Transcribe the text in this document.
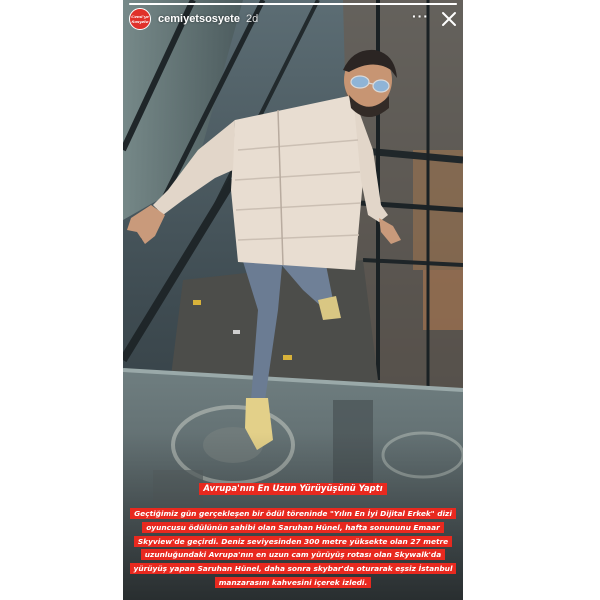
Cemi'ye
Sosyete cemiyetsosyete 2d	···
Avrupa'nın En Uzun Yürüyüşünü Yaptı
Geçtiğimiz gün gerçekleşen bir ödül töreninde "Yılın En İyi Dijital Erkek" dizi oyuncusu ödülünün sahibi olan Saruhan Hünel, hafta sonununu Emaar Skyview'de geçirdi. Deniz seviyesinden 300 metre yüksekte olan 27 metre uzunluğundaki Avrupa'nın en uzun cam yürüyüş rotası olan Skywalk'da yürüyüş yapan Saruhan Hünel, daha sonra skybar'da oturarak eşsiz İstanbul manzarasını kahvesini içerek izledi.
